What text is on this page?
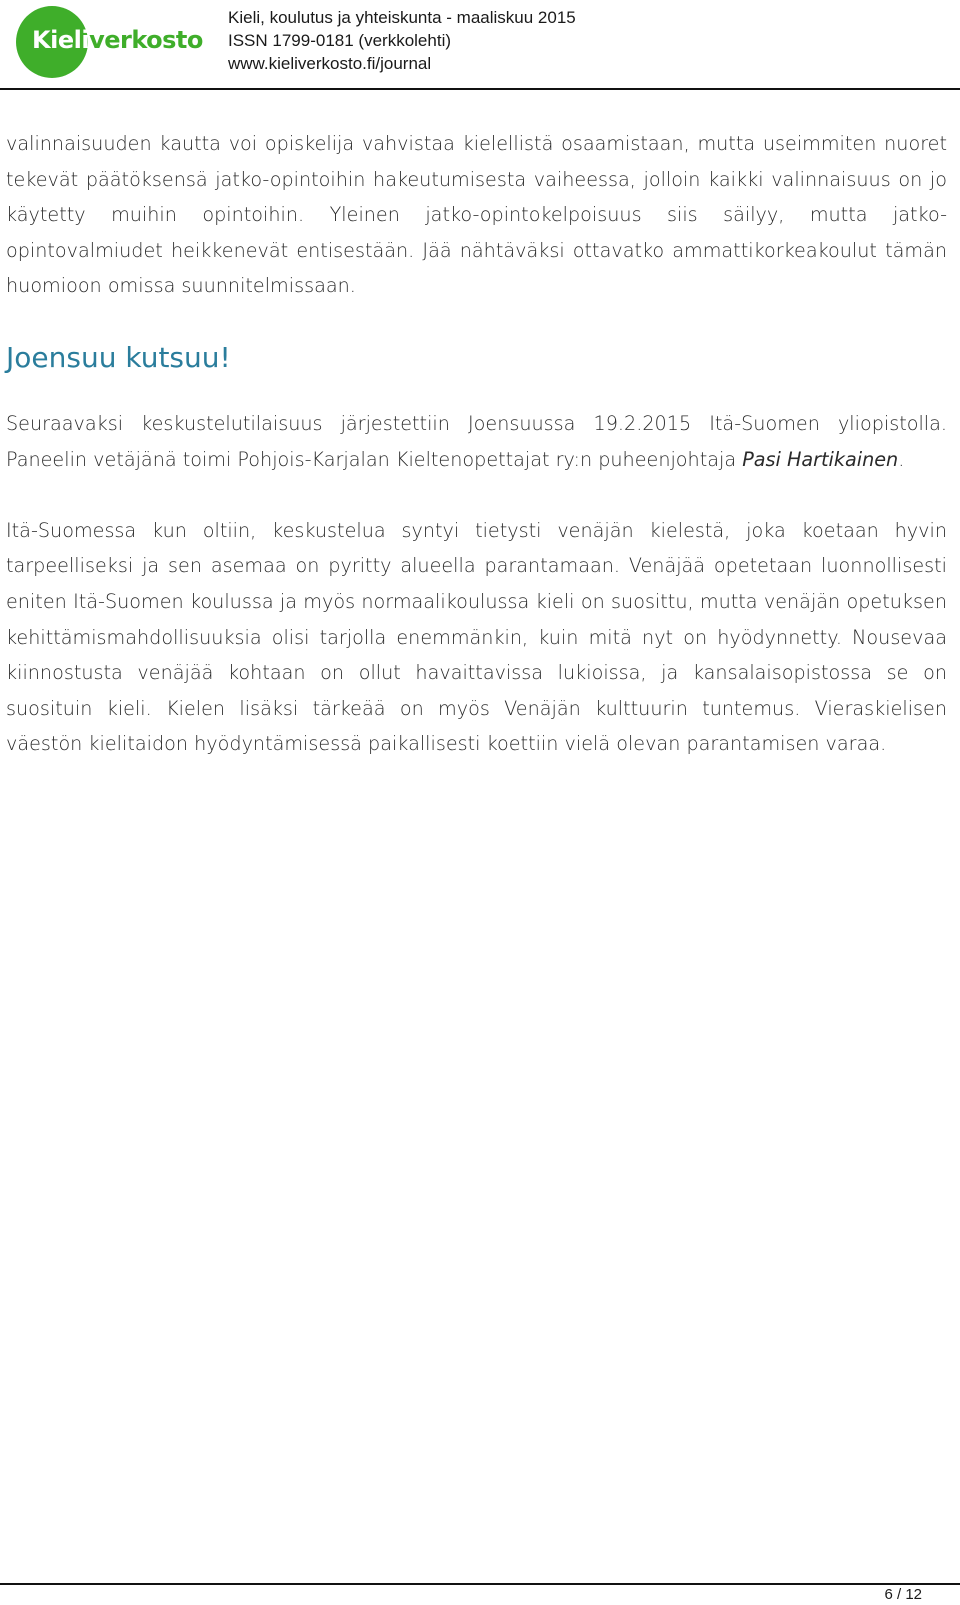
Kieliverkosto
Kieli, koulutus ja yhteiskunta - maaliskuu 2015
ISSN 1799-0181 (verkkolehti)
www.kieliverkosto.fi/journal

valinnaisuuden kautta voi opiskelija vahvistaa kielellistä osaamistaan, mutta useimmiten nuoret tekevät päätöksensä jatko-opintoihin hakeutumisesta vaiheessa, jolloin kaikki valinnaisuus on jo käytetty muihin opintoihin. Yleinen jatko-opintokelpoisuus siis säilyy, mutta jatko-opintovalmiudet heikkenevät entisestään. Jää nähtäväksi ottavatko ammattikorkeakoulut tämän huomioon omissa suunnitelmissaan.

Joensuu kutsuu!

Seuraavaksi keskustelutilaisuus järjestettiin Joensuussa 19.2.2015 Itä-Suomen yliopistolla. Paneelin vetäjänä toimi Pohjois-Karjalan Kieltenopettajat ry:n puheenjohtaja Pasi Hartikainen.

Itä-Suomessa kun oltiin, keskustelua syntyi tietysti venäjän kielestä, joka koetaan hyvin tarpeelliseksi ja sen asemaa on pyritty alueella parantamaan. Venäjää opetetaan luonnollisesti eniten Itä-Suomen koulussa ja myös normaalikoulussa kieli on suosittu, mutta venäjän opetuksen kehittämismahdollisuuksia olisi tarjolla enemmänkin, kuin mitä nyt on hyödynnetty. Nousevaa kiinnostusta venäjää kohtaan on ollut havaittavissa lukioissa, ja kansalaisopistossa se on suosituin kieli. Kielen lisäksi tärkeää on myös Venäjän kulttuurin tuntemus. Vieraskielisen väestön kielitaidon hyödyntämisessä paikallisesti koettiin vielä olevan parantamisen varaa.

6 / 12
